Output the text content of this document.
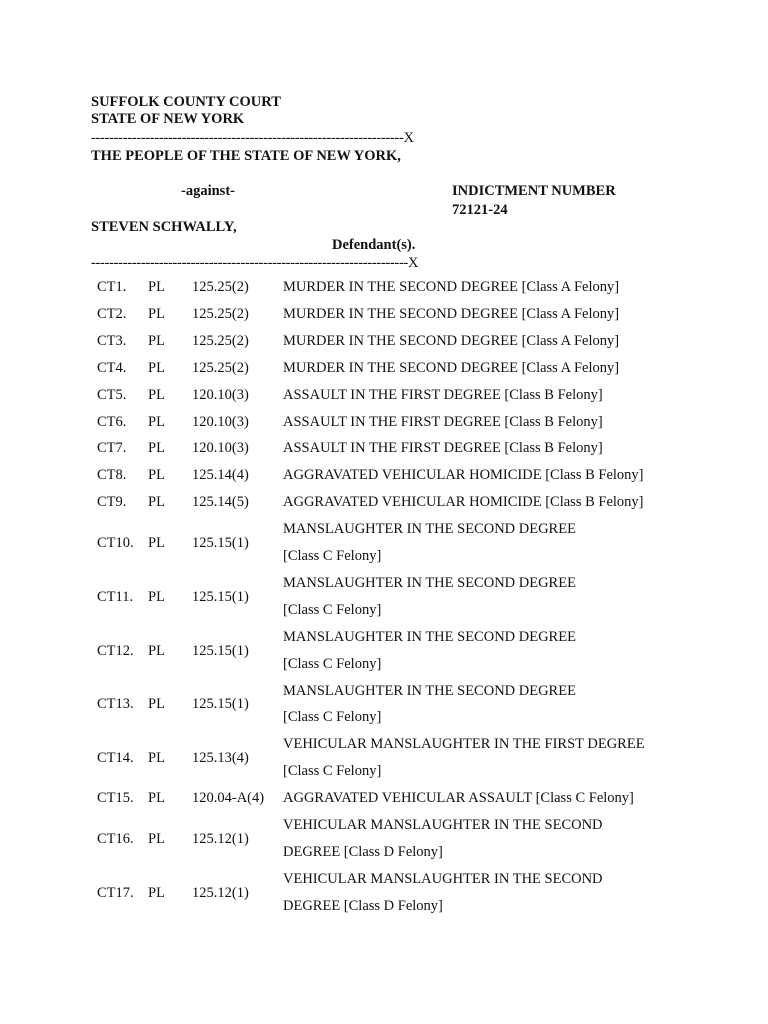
SUFFOLK COUNTY COURT
STATE OF NEW YORK
---------------------------------------------------------------------X
THE PEOPLE OF THE STATE OF NEW YORK,
-against-	INDICTMENT NUMBER
72121-24
STEVEN SCHWALLY,
Defendant(s).
----------------------------------------------------------------------X
CT1. PL 125.25(2) MURDER IN THE SECOND DEGREE [Class A Felony]
CT2. PL 125.25(2) MURDER IN THE SECOND DEGREE [Class A Felony]
CT3. PL 125.25(2) MURDER IN THE SECOND DEGREE [Class A Felony]
CT4. PL 125.25(2) MURDER IN THE SECOND DEGREE [Class A Felony]
CT5. PL 120.10(3) ASSAULT IN THE FIRST DEGREE [Class B Felony]
CT6. PL 120.10(3) ASSAULT IN THE FIRST DEGREE [Class B Felony]
CT7. PL 120.10(3) ASSAULT IN THE FIRST DEGREE [Class B Felony]
CT8. PL 125.14(4) AGGRAVATED VEHICULAR HOMICIDE [Class B Felony]
CT9. PL 125.14(5) AGGRAVATED VEHICULAR HOMICIDE [Class B Felony]
CT10. PL 125.15(1)
MANSLAUGHTER IN THE SECOND DEGREE
[Class C Felony]
CT11. PL 125.15(1)
MANSLAUGHTER IN THE SECOND DEGREE
[Class C Felony]
CT12. PL 125.15(1)
MANSLAUGHTER IN THE SECOND DEGREE
[Class C Felony]
CT13. PL 125.15(1)
MANSLAUGHTER IN THE SECOND DEGREE
[Class C Felony]
CT14. PL 125.13(4)
VEHICULAR MANSLAUGHTER IN THE FIRST DEGREE
[Class C Felony]
CT15. PL 120.04-A(4) AGGRAVATED VEHICULAR ASSAULT [Class C Felony]
CT16. PL 125.12(1)
VEHICULAR MANSLAUGHTER IN THE SECOND
DEGREE [Class D Felony]
CT17. PL 125.12(1)
VEHICULAR MANSLAUGHTER IN THE SECOND
DEGREE [Class D Felony]
